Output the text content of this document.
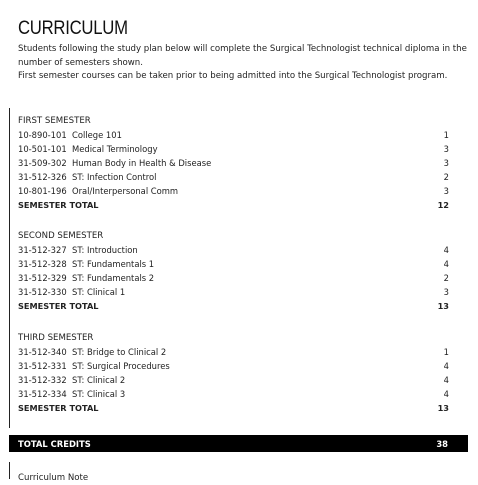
CURRICULUM

Students following the study plan below will complete the Surgical Technologist technical diploma in the number of semesters shown.

First semester courses can be taken prior to being admitted into the Surgical Technologist program.

FIRST SEMESTER
10-890-101 College 101	1
10-501-101 Medical Terminology	3
31-509-302 Human Body in Health & Disease	3
31-512-326 ST: Infection Control	2
10-801-196 Oral/Interpersonal Comm	3
SEMESTER TOTAL	12
SECOND SEMESTER
31-512-327 ST: Introduction	4
31-512-328 ST: Fundamentals 1	4
31-512-329 ST: Fundamentals 2	2
31-512-330 ST: Clinical 1	3
SEMESTER TOTAL	13
THIRD SEMESTER
31-512-340 ST: Bridge to Clinical 2	1
31-512-331 ST: Surgical Procedures	4
31-512-332 ST: Clinical 2	4
31-512-334 ST: Clinical 3	4
SEMESTER TOTAL	13
TOTAL CREDITS	38
Curriculum Note
